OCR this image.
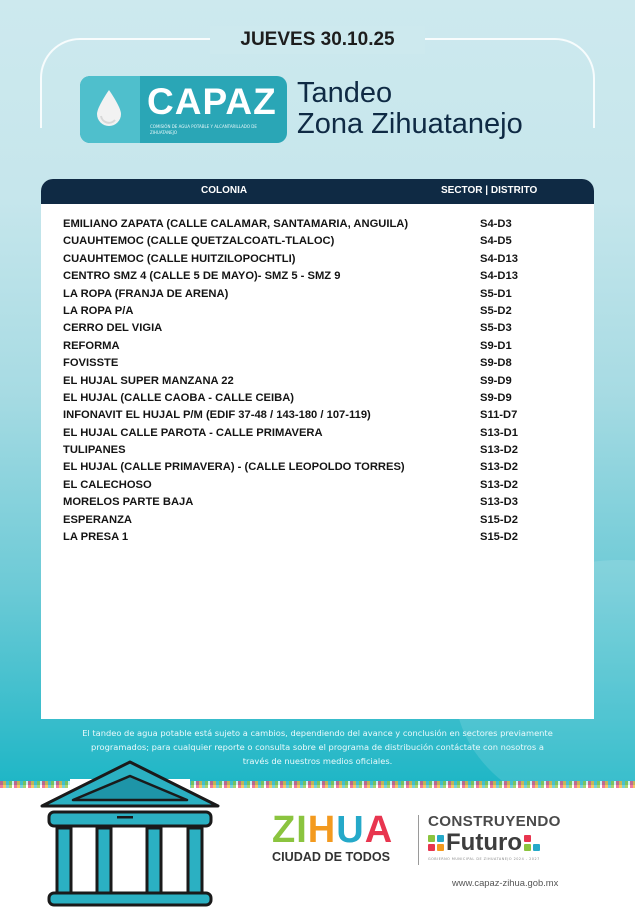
JUEVES 30.10.25
CAPAZ
COMISIÓN DE AGUA POTABLE Y ALCANTARILLADO DE ZIHUATANEJO
Tandeo
Zona Zihuatanejo
COLONIA	SECTOR | DISTRITO
EMILIANO ZAPATA (CALLE CALAMAR, SANTAMARIA, ANGUILA)	S4-D3
CUAUHTEMOC (CALLE QUETZALCOATL-TLALOC)	S4-D5
CUAUHTEMOC (CALLE HUITZILOPOCHTLI)	S4-D13
CENTRO SMZ 4 (CALLE 5 DE MAYO)- SMZ 5 - SMZ 9	S4-D13
LA ROPA (FRANJA DE ARENA)	S5-D1
LA ROPA P/A	S5-D2
CERRO DEL VIGIA	S5-D3
REFORMA	S9-D1
FOVISSTE	S9-D8
EL HUJAL SUPER MANZANA 22	S9-D9
EL HUJAL (CALLE CAOBA - CALLE CEIBA)	S9-D9
INFONAVIT EL HUJAL P/M (EDIF 37-48 / 143-180 / 107-119)	S11-D7
EL HUJAL CALLE PAROTA - CALLE PRIMAVERA	S13-D1
TULIPANES	S13-D2
EL HUJAL (CALLE PRIMAVERA) - (CALLE LEOPOLDO TORRES)	S13-D2
EL CALECHOSO	S13-D2
MORELOS PARTE BAJA	S13-D3
ESPERANZA	S15-D2
LA PRESA 1	S15-D2
El tandeo de agua potable está sujeto a cambios, dependiendo del avance y conclusión en sectores previamente
programados; para cualquier reporte o consulta sobre el programa de distribución contáctate con nosotros a
través de nuestros medios oficiales.
ZIHUA
CIUDAD DE TODOS
CONSTRUYENDO
Futuro
GOBIERNO MUNICIPAL DE ZIHUATANEJO 2024 - 2027
www.capaz-zihua.gob.mx
